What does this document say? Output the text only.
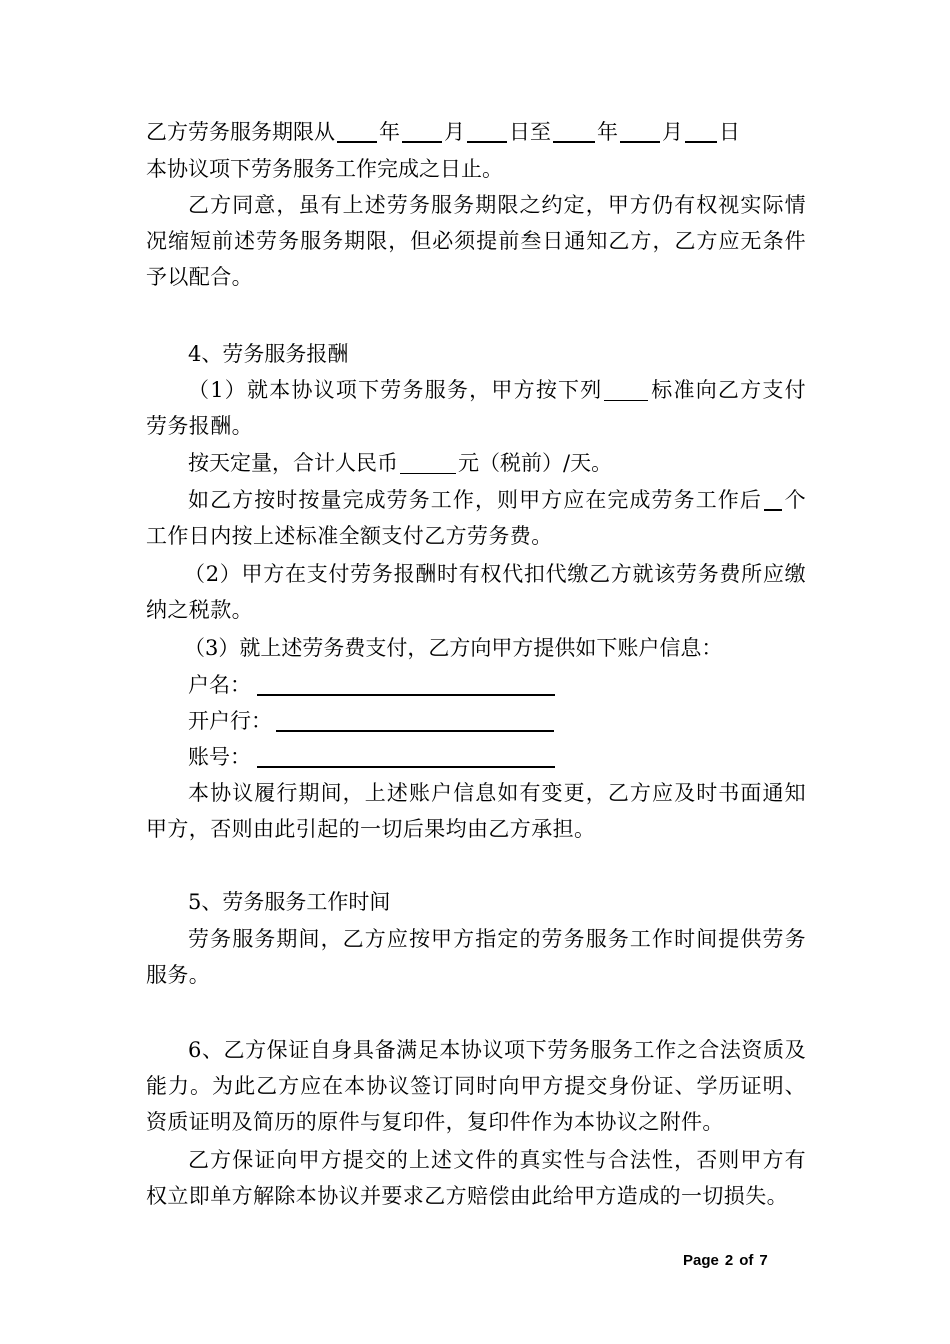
乙方劳务服务期限从 年 月 日至 年 月 日
本协议项下劳务服务工作完成之日止。
乙方同意，虽有上述劳务服务期限之约定，甲方仍有权视实际情况缩短前述劳务服务期限，但必须提前叁日通知乙方，乙方应无条件予以配合。
4、劳务服务报酬
（1）就本协议项下劳务服务，甲方按下列 标准向乙方支付劳务报酬。
按天定量，合计人民币	元（税前）/天。
如乙方按时按量完成劳务工作，则甲方应在完成劳务工作后 个工作日内按上述标准全额支付乙方劳务费。
（2）甲方在支付劳务报酬时有权代扣代缴乙方就该劳务费所应缴纳之税款。
（3）就上述劳务费支付，乙方向甲方提供如下账户信息：
户名：
开户行：
账号：
本协议履行期间，上述账户信息如有变更，乙方应及时书面通知甲方，否则由此引起的一切后果均由乙方承担。
5、劳务服务工作时间
劳务服务期间，乙方应按甲方指定的劳务服务工作时间提供劳务服务。
6、乙方保证自身具备满足本协议项下劳务服务工作之合法资质及能力。为此乙方应在本协议签订同时向甲方提交身份证、学历证明、资质证明及简历的原件与复印件，复印件作为本协议之附件。
乙方保证向甲方提交的上述文件的真实性与合法性，否则甲方有权立即单方解除本协议并要求乙方赔偿由此给甲方造成的一切损失。
Page 2 of 7
